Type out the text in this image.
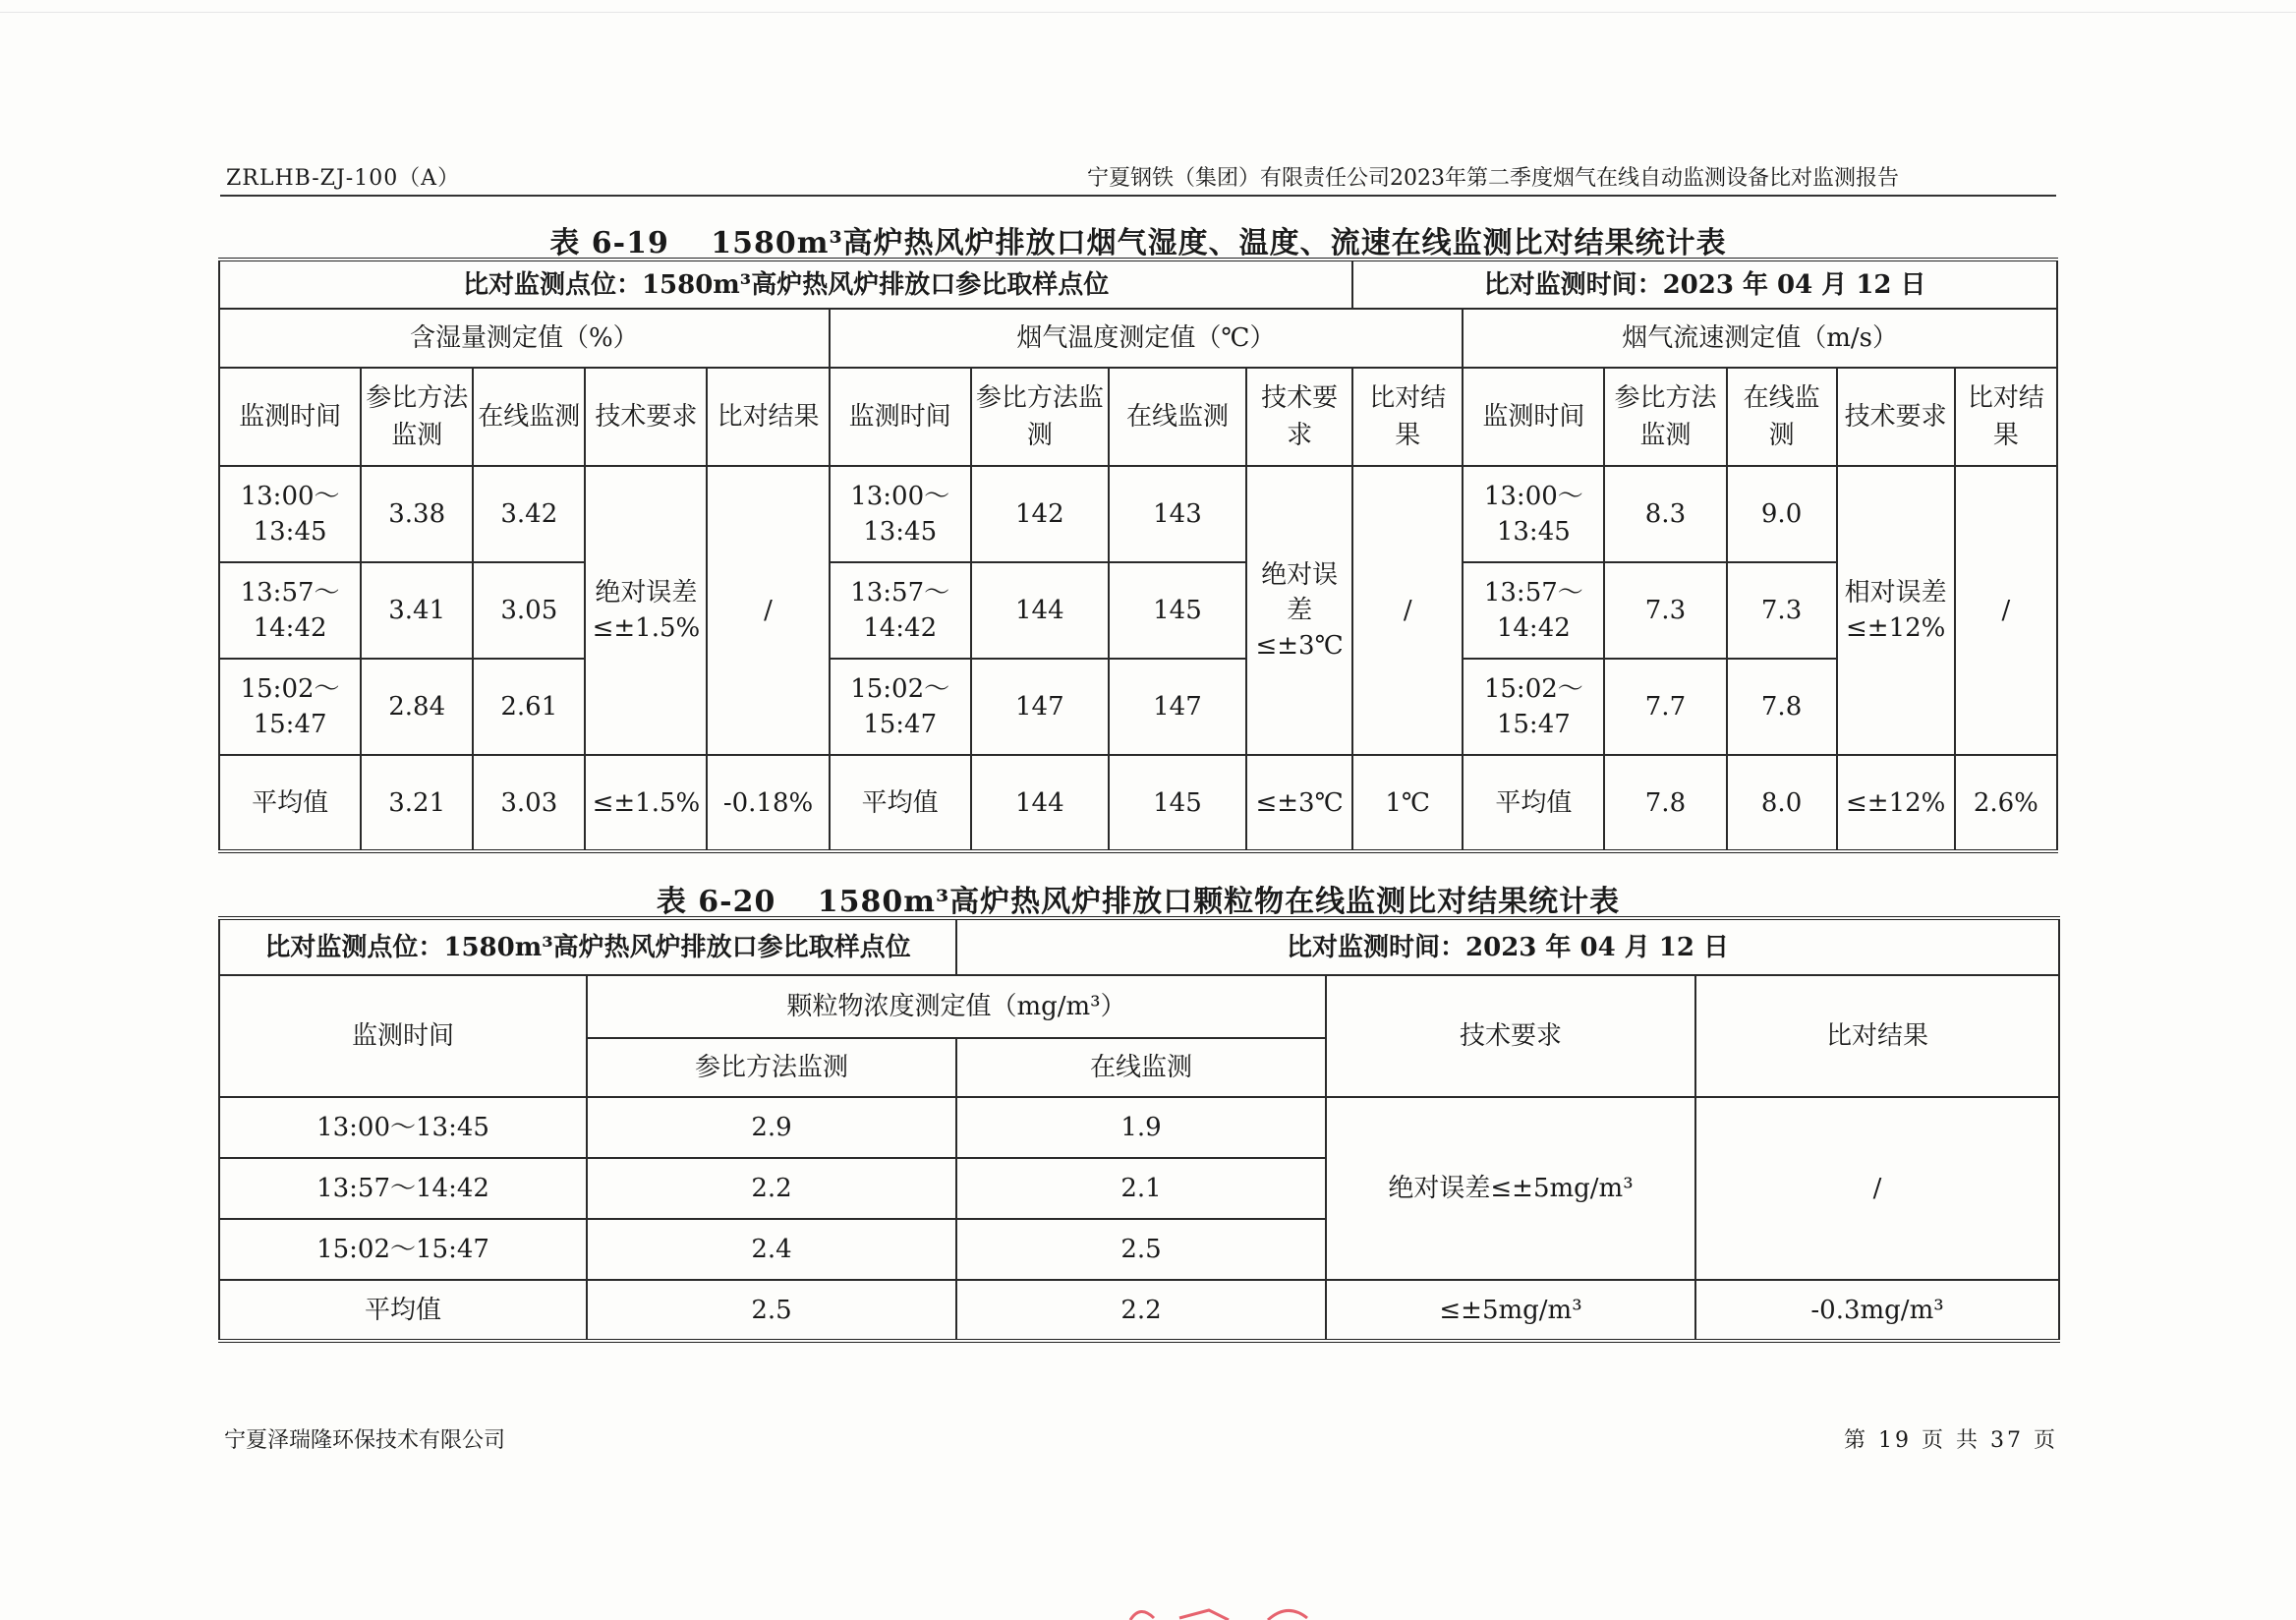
ZRLHB-ZJ-100（A）	宁夏钢铁（集团）有限责任公司2023年第二季度烟气在线自动监测设备比对监测报告
表 6-19　 1580m³高炉热风炉排放口烟气湿度、温度、流速在线监测比对结果统计表
比对监测点位：1580m³高炉热风炉排放口参比取样点位									比对监测时间：2023 年 04 月 12 日					
含湿量测定值（%）					烟气温度测定值（℃）					烟气流速测定值（m/s）				
监测时间	参比方法监测	在线监测	技术要求	比对结果	监测时间	参比方法监测	在线监测	技术要求	比对结果	监测时间	参比方法监测	在线监测	技术要求	比对结果
13:00～13:45	3.38	3.42	绝对误差≤±1.5%	/	13:00～13:45	142	143	绝对误差≤±3℃	/	13:00～13:45	8.3	9.0	相对误差≤±12%	/
13:57～14:42	3.41	3.05			13:57～14:42	144	145			13:57～14:42	7.3	7.3		
15:02～15:47	2.84	2.61			15:02～15:47	147	147			15:02～15:47	7.7	7.8		
平均值	3.21	3.03	≤±1.5%	-0.18%	平均值	144	145	≤±3℃	1℃	平均值	7.8	8.0	≤±12%	2.6%
表 6-20　 1580m³高炉热风炉排放口颗粒物在线监测比对结果统计表
比对监测点位：1580m³高炉热风炉排放口参比取样点位		比对监测时间：2023 年 04 月 12 日		
监测时间	颗粒物浓度测定值（mg/m³）		技术要求	比对结果
	参比方法监测	在线监测		
13:00～13:45	2.9	1.9	绝对误差≤±5mg/m³	/
13:57～14:42	2.2	2.1		
15:02～15:47	2.4	2.5		
平均值	2.5	2.2	≤±5mg/m³	-0.3mg/m³
宁夏泽瑞隆环保技术有限公司	第 19 页 共 37 页
